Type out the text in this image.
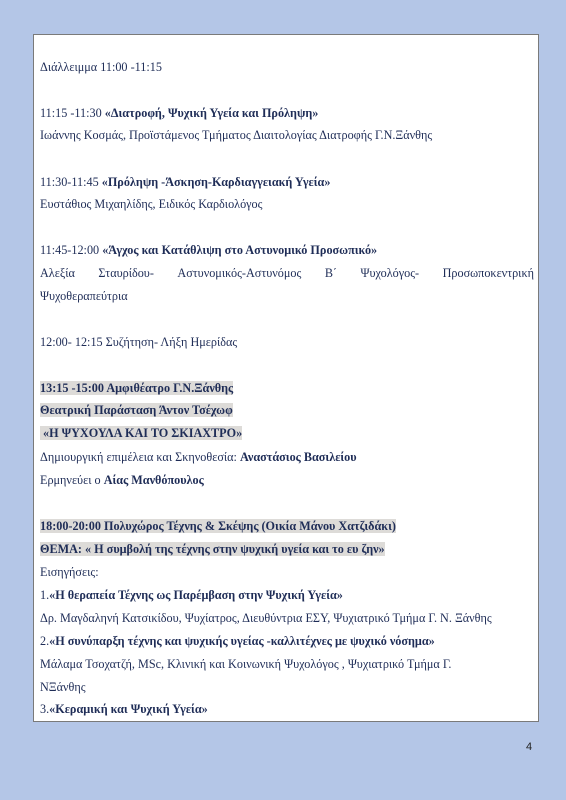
Διάλλειμμα 11:00 -11:15
11:15 -11:30 «Διατροφή, Ψυχική Υγεία και Πρόληψη»
Ιωάννης Κοσμάς, Προϊστάμενος Τμήματος Διαιτολογίας Διατροφής Γ.Ν.Ξάνθης
11:30-11:45 «Πρόληψη -Άσκηση-Καρδιαγγειακή Υγεία»
Ευστάθιος Μιχαηλίδης, Ειδικός Καρδιολόγος
11:45-12:00 «Άγχος και Κατάθλιψη στο Αστυνομικό Προσωπικό»
Αλεξία Σταυρίδου- Αστυνομικός-Αστυνόμος Β΄ Ψυχολόγος- Προσωποκεντρική
Ψυχοθεραπεύτρια
12:00- 12:15 Συζήτηση- Λήξη Ημερίδας
13:15 -15:00 Αμφιθέατρο Γ.Ν.Ξάνθης
Θεατρική Παράσταση Άντον Τσέχωφ
«Η ΨΥΧΟΥΛΑ ΚΑΙ ΤΟ ΣΚΙΑΧΤΡΟ»
Δημιουργική επιμέλεια και Σκηνοθεσία: Αναστάσιος Βασιλείου
Ερμηνεύει ο Αίας Μανθόπουλος
18:00-20:00 Πολυχώρος Τέχνης & Σκέψης (Οικία Μάνου Χατζιδάκι)
ΘΕΜΑ: « Η συμβολή της τέχνης στην ψυχική υγεία και το ευ ζην»
Εισηγήσεις:
1.«Η θεραπεία Τέχνης ως Παρέμβαση στην Ψυχική Υγεία»
Δρ. Μαγδαληνή Κατσικίδου, Ψυχίατρος, Διευθύντρια ΕΣΥ, Ψυχιατρικό Τμήμα Γ. Ν. Ξάνθης
2.«Η συνύπαρξη τέχνης και ψυχικής υγείας -καλλιτέχνες με ψυχικό νόσημα»
Μάλαμα Τσοχατζή, MSc, Κλινική και Κοινωνική Ψυχολόγος , Ψυχιατρικό Τμήμα Γ.
ΝΞάνθης
3.«Κεραμική και Ψυχική Υγεία»
4
